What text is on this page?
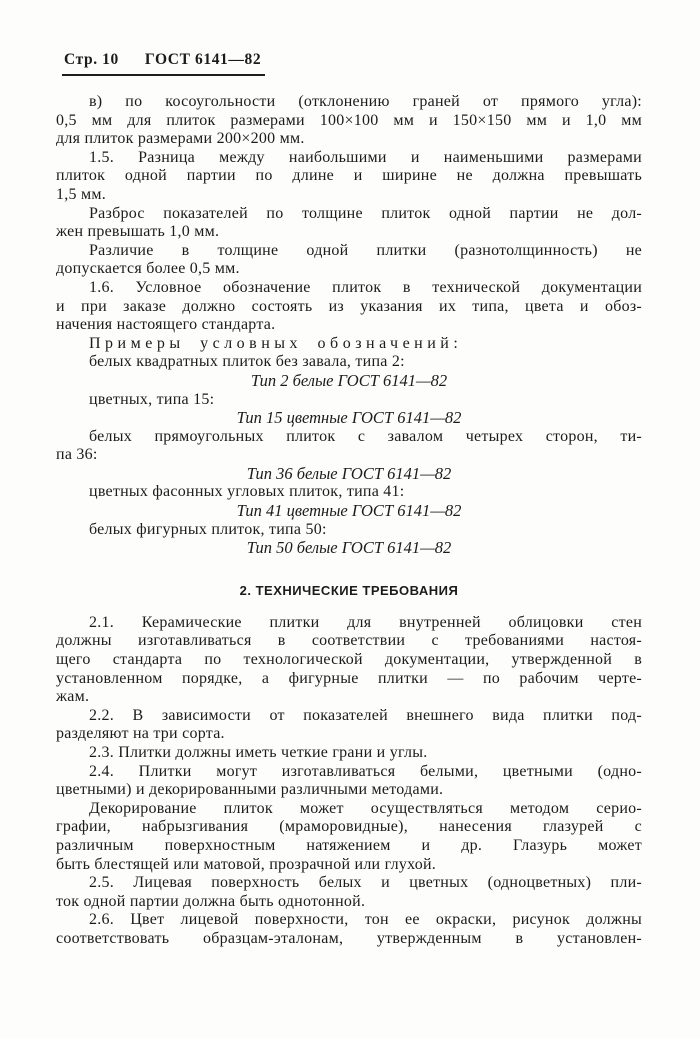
Стр. 10 ГОСТ 6141—82
в) по косоугольности (отклонению граней от прямого угла):
0,5 мм для плиток размерами 100×100 мм и 150×150 мм и 1,0 мм
для плиток размерами 200×200 мм.
1.5. Разница между наибольшими и наименьшими размерами
плиток одной партии по длине и ширине не должна превышать
1,5 мм.
Разброс показателей по толщине плиток одной партии не дол-
жен превышать 1,0 мм.
Различие в толщине одной плитки (разнотолщинность) не
допускается более 0,5 мм.
1.6. Условное обозначение плиток в технической документации
и при заказе должно состоять из указания их типа, цвета и обоз-
начения настоящего стандарта.
Примеры условных обозначений:
белых квадратных плиток без завала, типа 2:
Тип 2 белые ГОСТ 6141—82
цветных, типа 15:
Тип 15 цветные ГОСТ 6141—82
белых прямоугольных плиток с завалом четырех сторон, ти-
па 36:
Тип 36 белые ГОСТ 6141—82
цветных фасонных угловых плиток, типа 41:
Тип 41 цветные ГОСТ 6141—82
белых фигурных плиток, типа 50:
Тип 50 белые ГОСТ 6141—82
2. ТЕХНИЧЕСКИЕ ТРЕБОВАНИЯ
2.1. Керамические плитки для внутренней облицовки стен
должны изготавливаться в соответствии с требованиями настоя-
щего стандарта по технологической документации, утвержденной в
установленном порядке, а фигурные плитки — по рабочим черте-
жам.
2.2. В зависимости от показателей внешнего вида плитки под-
разделяют на три сорта.
2.3. Плитки должны иметь четкие грани и углы.
2.4. Плитки могут изготавливаться белыми, цветными (одно-
цветными) и декорированными различными методами.
Декорирование плиток может осуществляться методом серио-
графии, набрызгивания (мраморовидные), нанесения глазурей с
различным поверхностным натяжением и др. Глазурь может
быть блестящей или матовой, прозрачной или глухой.
2.5. Лицевая поверхность белых и цветных (одноцветных) пли-
ток одной партии должна быть однотонной.
2.6. Цвет лицевой поверхности, тон ее окраски, рисунок должны
соответствовать образцам-эталонам, утвержденным в установлен-
